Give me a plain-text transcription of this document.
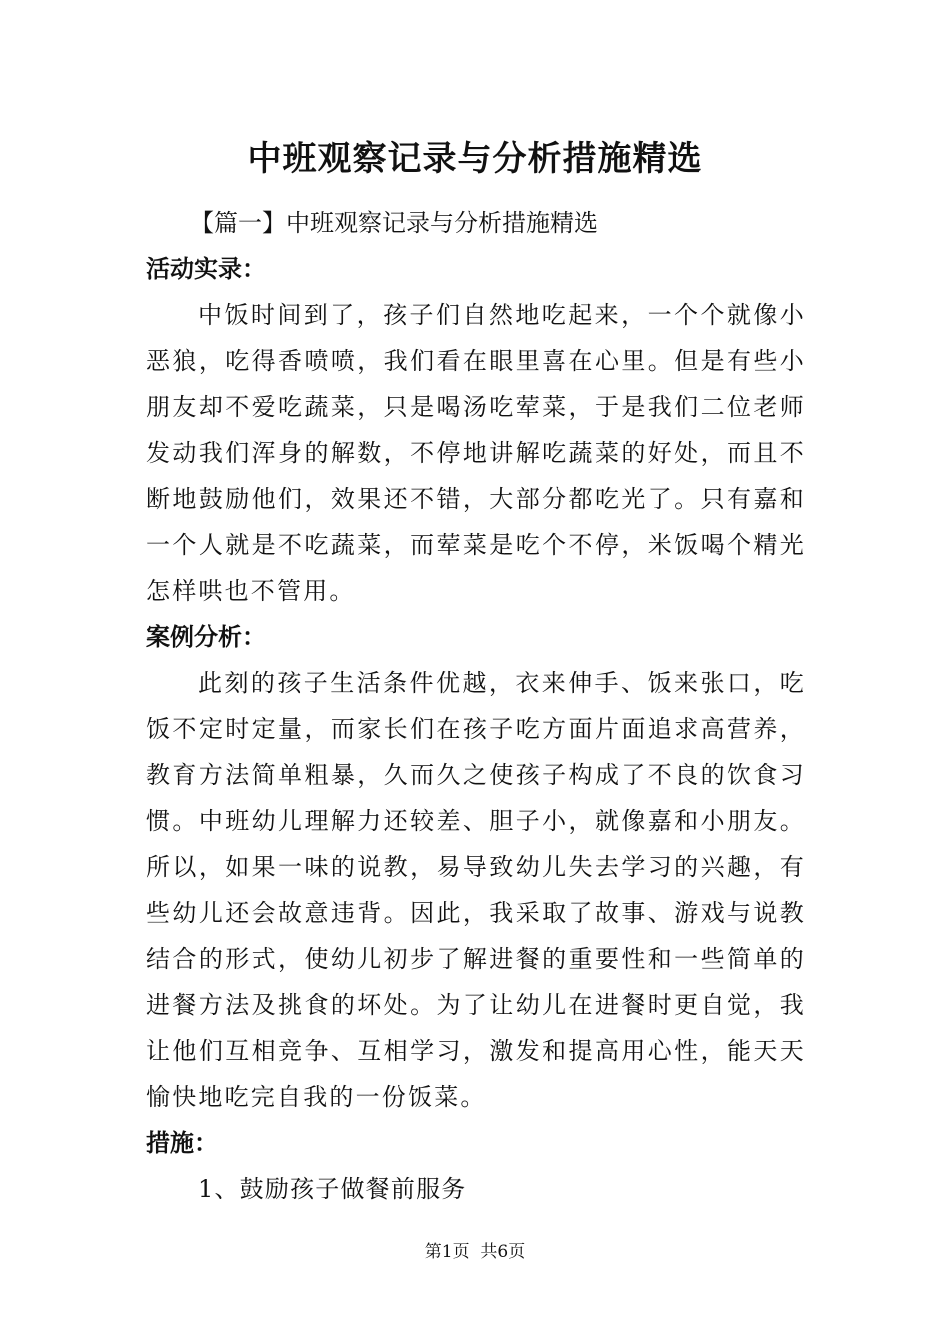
中班观察记录与分析措施精选
【篇一】中班观察记录与分析措施精选
活动实录：

中饭时间到了，孩子们自然地吃起来，一个个就像小恶狼，吃得香喷喷，我们看在眼里喜在心里。但是有些小朋友却不爱吃蔬菜，只是喝汤吃荤菜，于是我们二位老师发动我们浑身的解数，不停地讲解吃蔬菜的好处，而且不断地鼓励他们，效果还不错，大部分都吃光了。只有嘉和一个人就是不吃蔬菜，而荤菜是吃个不停，米饭喝个精光怎样哄也不管用。

案例分析：

此刻的孩子生活条件优越，衣来伸手、饭来张口，吃饭不定时定量，而家长们在孩子吃方面片面追求高营养，教育方法简单粗暴，久而久之使孩子构成了不良的饮食习惯。中班幼儿理解力还较差、胆子小，就像嘉和小朋友。所以，如果一味的说教，易导致幼儿失去学习的兴趣，有些幼儿还会故意违背。因此，我采取了故事、游戏与说教结合的形式，使幼儿初步了解进餐的重要性和一些简单的进餐方法及挑食的坏处。为了让幼儿在进餐时更自觉，我让他们互相竞争、互相学习，激发和提高用心性，能天天愉快地吃完自我的一份饭菜。

措施：
1、鼓励孩子做餐前服务
第1页  共6页
